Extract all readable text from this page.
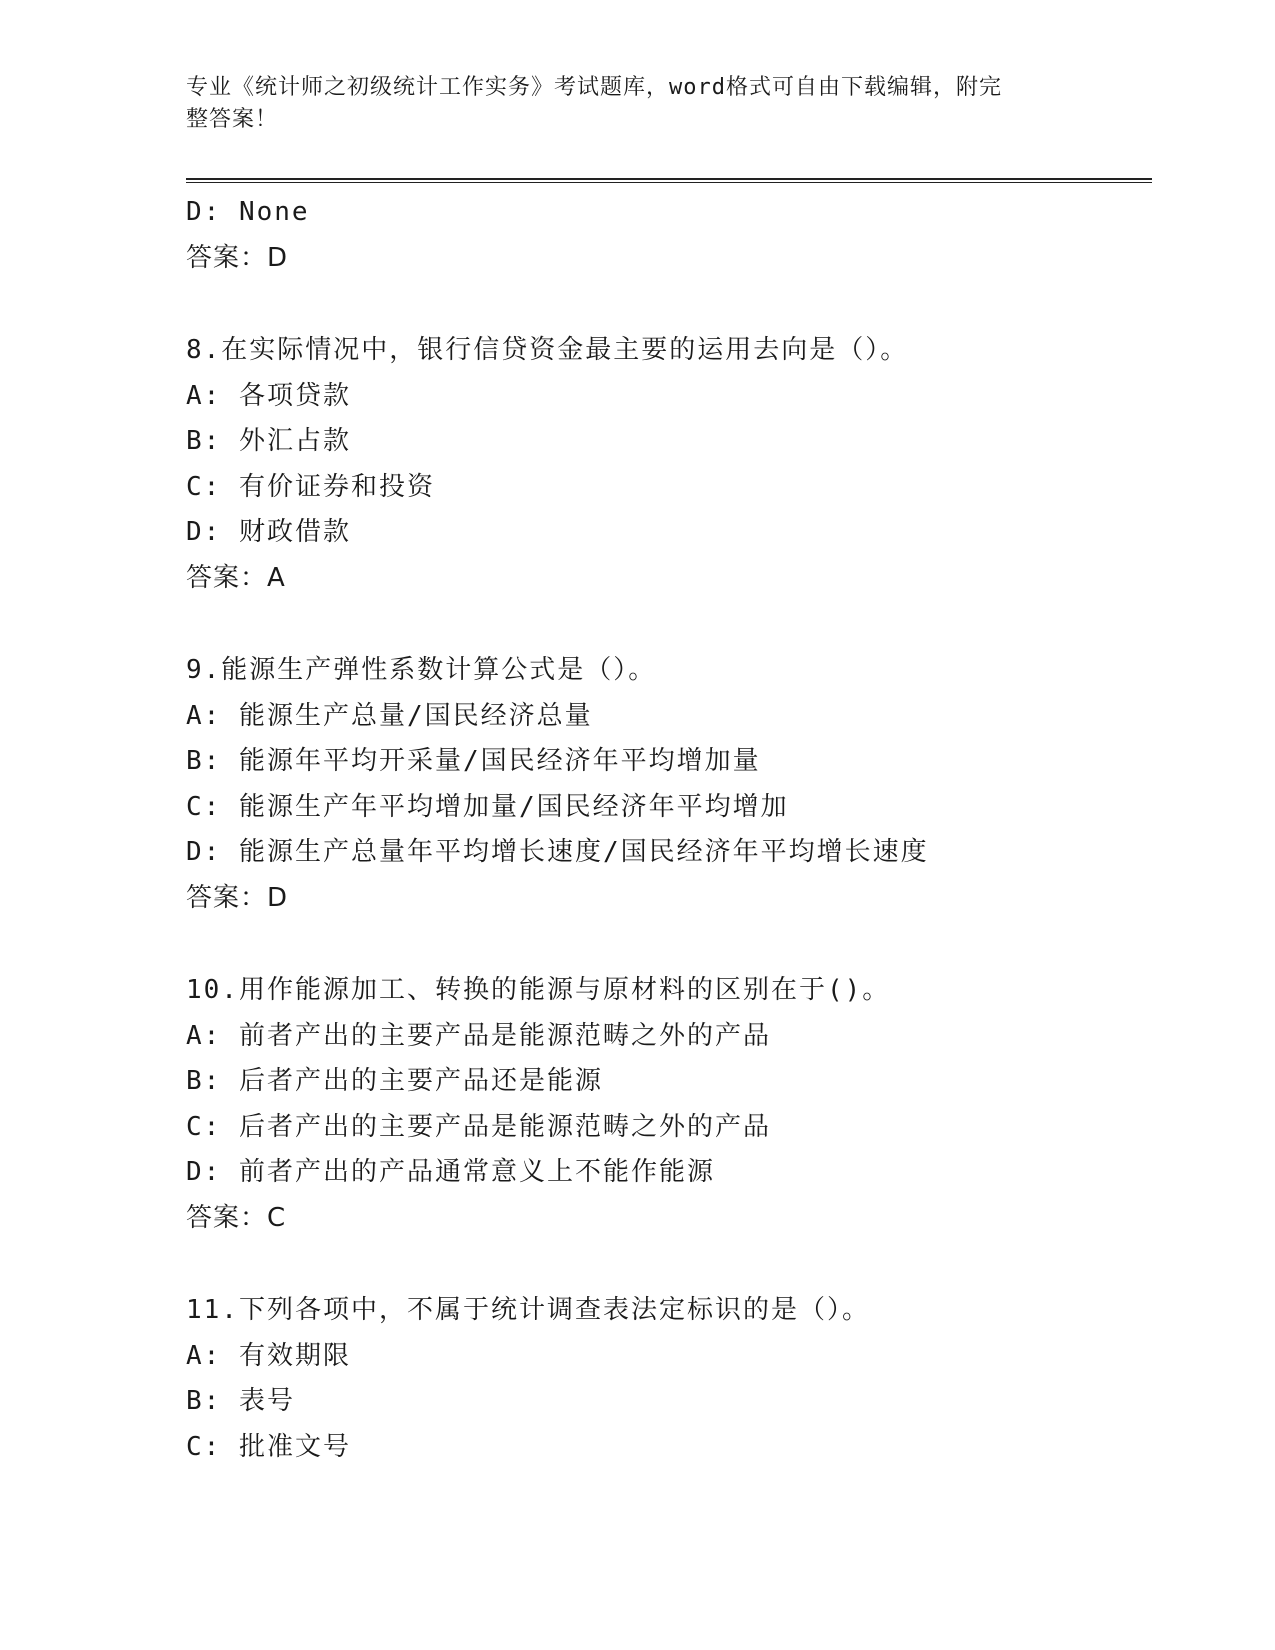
专业《统计师之初级统计工作实务》考试题库，word格式可自由下载编辑，附完
整答案！
D: None
答案：D
8.在实际情况中，银行信贷资金最主要的运用去向是（）。
A: 各项贷款
B: 外汇占款
C: 有价证券和投资
D: 财政借款
答案：A
9.能源生产弹性系数计算公式是（）。
A: 能源生产总量/国民经济总量
B: 能源年平均开采量/国民经济年平均增加量
C: 能源生产年平均增加量/国民经济年平均增加
D: 能源生产总量年平均增长速度/国民经济年平均增长速度
答案：D
10.用作能源加工、转换的能源与原材料的区别在于()。
A: 前者产出的主要产品是能源范畴之外的产品
B: 后者产出的主要产品还是能源
C: 后者产出的主要产品是能源范畴之外的产品
D: 前者产出的产品通常意义上不能作能源
答案：C
11.下列各项中，不属于统计调查表法定标识的是（）。
A: 有效期限
B: 表号
C: 批准文号
